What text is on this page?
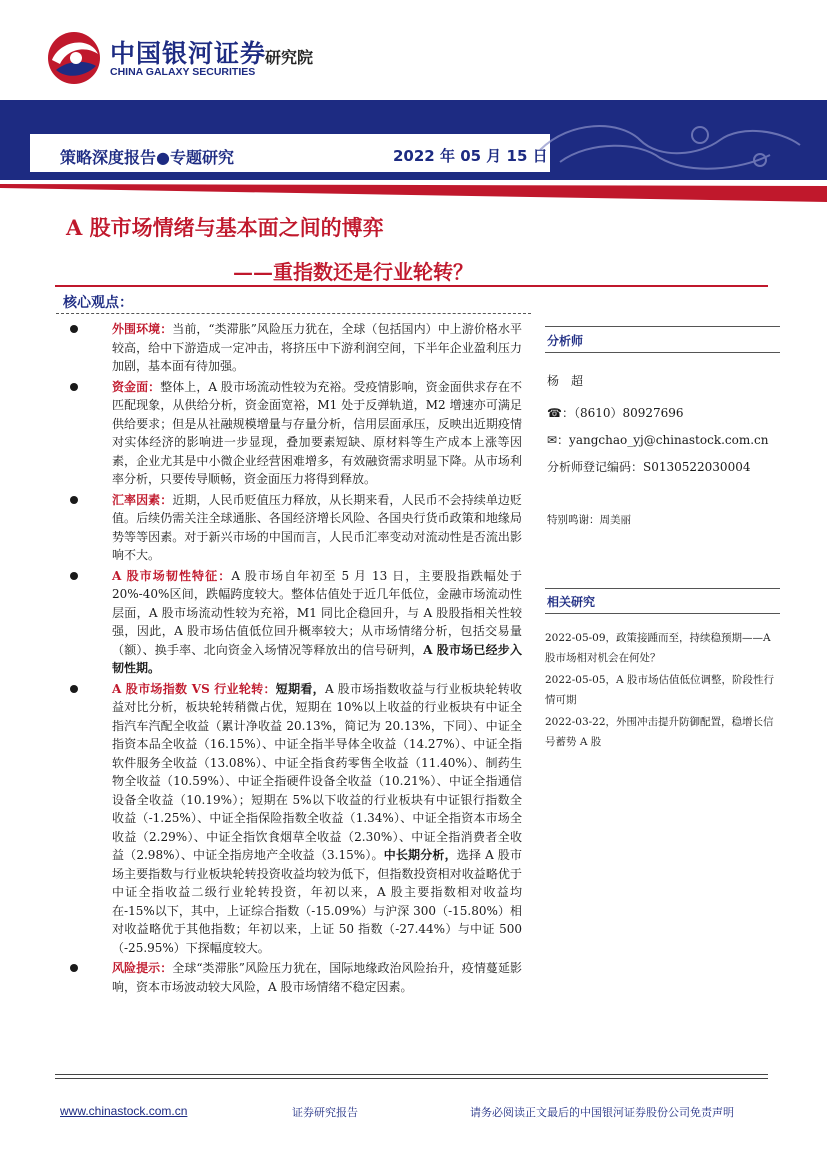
中国银河证券
CHINA GALAXY SECURITIES
研究院
策略深度报告●专题研究	2022 年 05 月 15 日
A 股市场情绪与基本面之间的博弈
——重指数还是行业轮转？
核心观点：
外围环境：当前，“类滞胀”风险压力犹在，全球（包括国内）中上游价格水平较高，给中下游造成一定冲击，将挤压中下游利润空间，下半年企业盈利压力加剧，基本面有待加强。
资金面：整体上，A 股市场流动性较为充裕。受疫情影响，资金面供求存在不匹配现象，从供给分析，资金面宽裕，M1 处于反弹轨道，M2 增速亦可满足供给要求；但是从社融规模增量与存量分析，信用层面承压，反映出近期疫情对实体经济的影响进一步显现，叠加要素短缺、原材料等生产成本上涨等因素，企业尤其是中小微企业经营困难增多，有效融资需求明显下降。从市场利率分析，只要传导顺畅，资金面压力将得到释放。
汇率因素：近期，人民币贬值压力释放，从长期来看，人民币不会持续单边贬值。后续仍需关注全球通胀、各国经济增长风险、各国央行货币政策和地缘局势等等因素。对于新兴市场的中国而言，人民币汇率变动对流动性是否流出影响不大。
A 股市场韧性特征：A 股市场自年初至 5 月 13 日，主要股指跌幅处于 20%-40%区间，跌幅跨度较大。整体估值处于近几年低位，金融市场流动性层面，A 股市场流动性较为充裕，M1 同比企稳回升，与 A 股股指相关性较强，因此，A 股市场估值低位回升概率较大；从市场情绪分析，包括交易量（额）、换手率、北向资金入场情况等释放出的信号研判，A 股市场已经步入韧性期。
A 股市场指数 VS 行业轮转：短期看，A 股市场指数收益与行业板块轮转收益对比分析，板块轮转稍微占优，短期在 10%以上收益的行业板块有中证全指汽车汽配全收益（累计净收益 20.13%，简记为 20.13%，下同）、中证全指资本品全收益（16.15%）、中证全指半导体全收益（14.27%）、中证全指软件服务全收益（13.08%）、中证全指食药零售全收益（11.40%）、制药生物全收益（10.59%）、中证全指硬件设备全收益（10.21%）、中证全指通信设备全收益（10.19%）；短期在 5%以下收益的行业板块有中证银行指数全收益（-1.25%）、中证全指保险指数全收益（1.34%）、中证全指资本市场全收益（2.29%）、中证全指饮食烟草全收益（2.30%）、中证全指消费者全收益（2.98%）、中证全指房地产全收益（3.15%）。中长期分析，选择 A 股市场主要指数与行业板块轮转投资收益均较为低下，但指数投资相对收益略优于中证全指收益二级行业轮转投资，年初以来，A 股主要指数相对收益均在-15%以下，其中，上证综合指数（-15.09%）与沪深 300（-15.80%）相对收益略优于其他指数；年初以来，上证 50 指数（-27.44%）与中证 500（-25.95%）下探幅度较大。
风险提示：全球“类滞胀”风险压力犹在，国际地缘政治风险抬升，疫情蔓延影响，资本市场波动较大风险，A 股市场情绪不稳定因素。
分析师
杨　超
☎：（8610）80927696
✉：yangchao_yj@chinastock.com.cn
分析师登记编码：S0130522030004
特别鸣谢：周美丽
相关研究
2022-05-09，政策接踵而至，持续稳预期——A 股市场相对机会在何处？
2022-05-05，A 股市场估值低位调整，阶段性行情可期
2022-03-22，外围冲击提升防御配置，稳增长信号蓄势 A 股
www.chinastock.com.cn	证券研究报告	请务必阅读正文最后的中国银河证券股份公司免责声明
